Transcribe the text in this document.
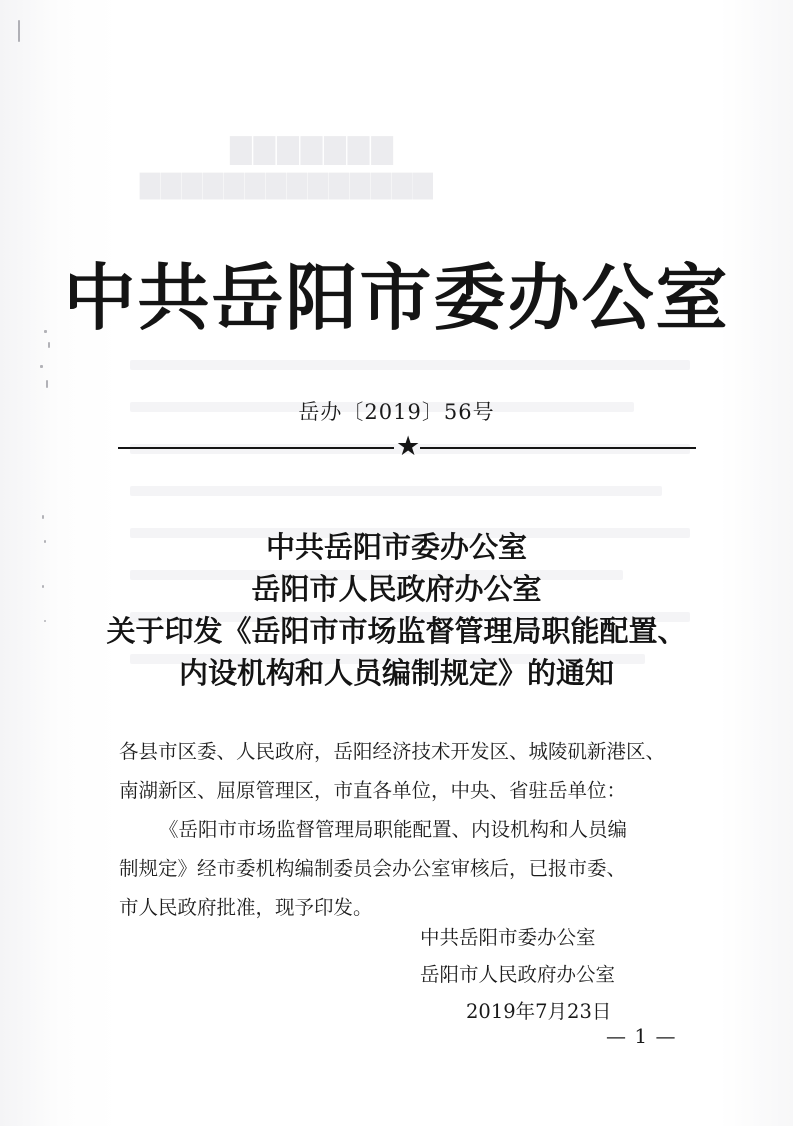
▇▇▇▇▇▇▇
▇▇▇▇▇▇▇▇▇▇▇▇▇▇
中共岳阳市委办公室
岳办〔2019〕56号
★
中共岳阳市委办公室
岳阳市人民政府办公室
关于印发《岳阳市市场监督管理局职能配置、
内设机构和人员编制规定》的通知
各县市区委、人民政府，岳阳经济技术开发区、城陵矶新港区、
南湖新区、屈原管理区，市直各单位，中央、省驻岳单位：
《岳阳市市场监督管理局职能配置、内设机构和人员编
制规定》经市委机构编制委员会办公室审核后，已报市委、
市人民政府批准，现予印发。
中共岳阳市委办公室
岳阳市人民政府办公室
2019年7月23日
— 1 —
